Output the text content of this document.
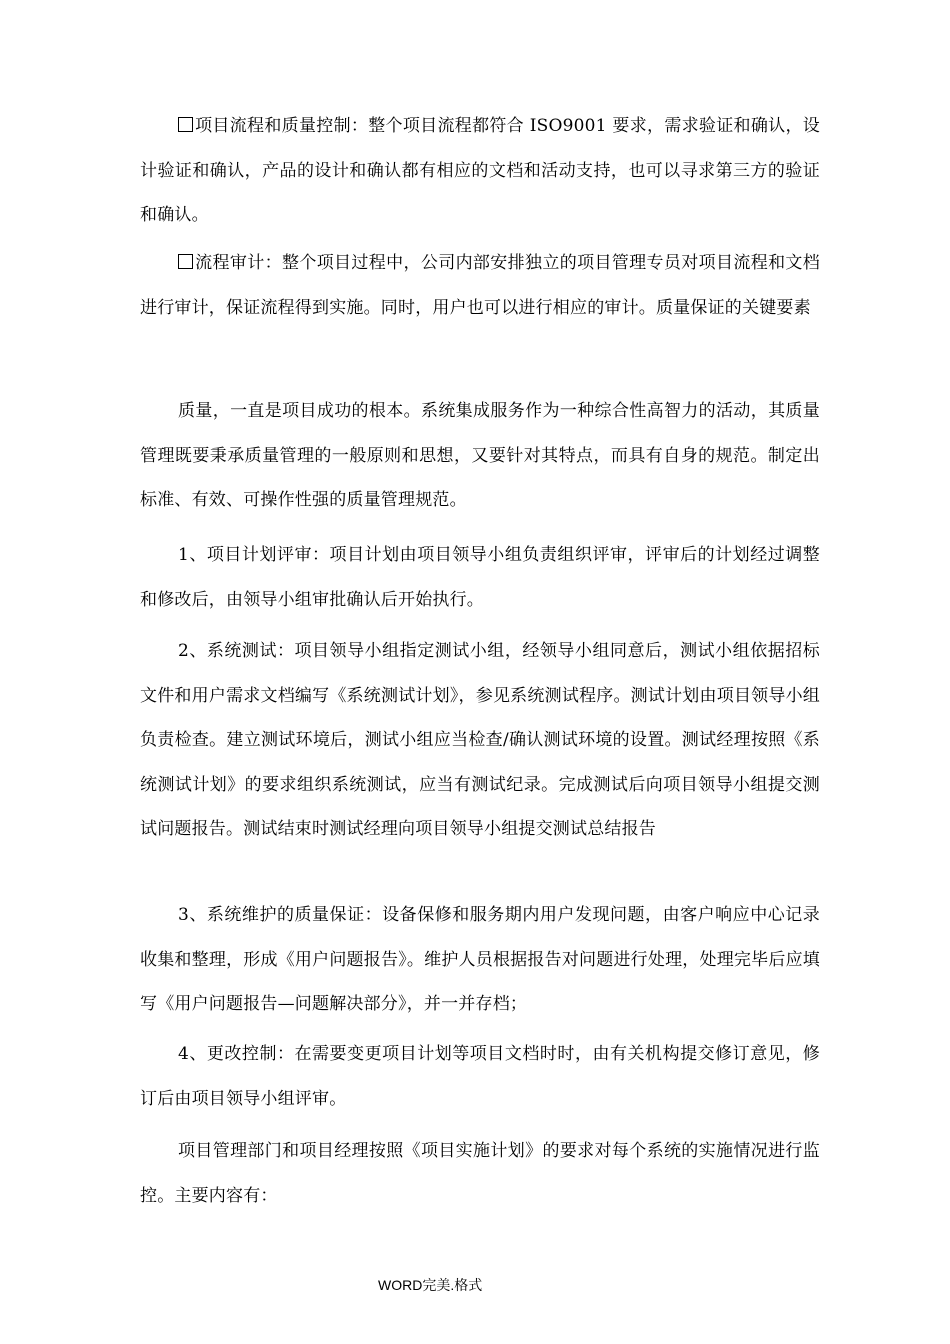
项目流程和质量控制：整个项目流程都符合 ISO9001 要求，需求验证和确认，设计验证和确认，产品的设计和确认都有相应的文档和活动支持，也可以寻求第三方的验证和确认。

流程审计：整个项目过程中，公司内部安排独立的项目管理专员对项目流程和文档进行审计，保证流程得到实施。同时，用户也可以进行相应的审计。质量保证的关键要素

质量，一直是项目成功的根本。系统集成服务作为一种综合性高智力的活动，其质量管理既要秉承质量管理的一般原则和思想，又要针对其特点，而具有自身的规范。制定出标准、有效、可操作性强的质量管理规范。

1、项目计划评审：项目计划由项目领导小组负责组织评审，评审后的计划经过调整和修改后，由领导小组审批确认后开始执行。

2、系统测试：项目领导小组指定测试小组，经领导小组同意后，测试小组依据招标文件和用户需求文档编写《系统测试计划》，参见系统测试程序。测试计划由项目领导小组负责检查。建立测试环境后，测试小组应当检查/确认测试环境的设置。测试经理按照《系统测试计划》的要求组织系统测试，应当有测试纪录。完成测试后向项目领导小组提交测试问题报告。测试结束时测试经理向项目领导小组提交测试总结报告

3、系统维护的质量保证：设备保修和服务期内用户发现问题，由客户响应中心记录收集和整理，形成《用户问题报告》。维护人员根据报告对问题进行处理，处理完毕后应填写《用户问题报告—问题解决部分》，并一并存档；

4、更改控制：在需要变更项目计划等项目文档时时，由有关机构提交修订意见，修订后由项目领导小组评审。

项目管理部门和项目经理按照《项目实施计划》的要求对每个系统的实施情况进行监控。主要内容有：

WORD完美.格式
